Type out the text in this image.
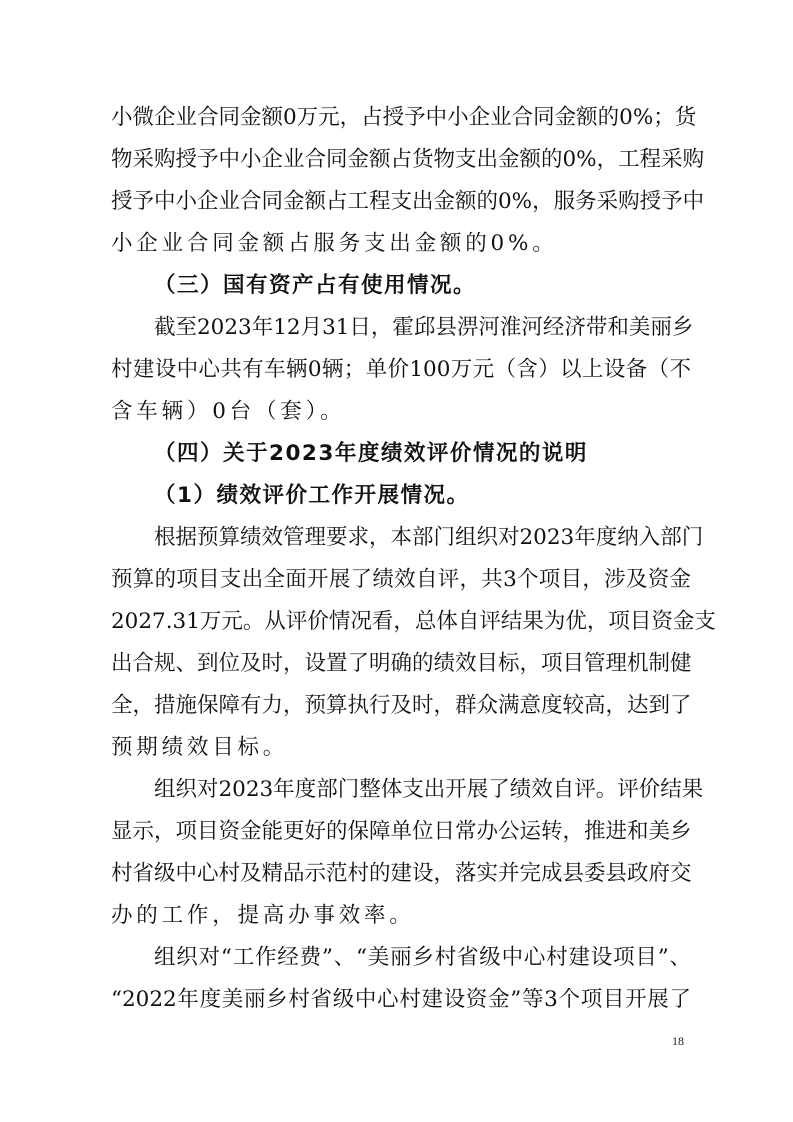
小微企业合同金额0万元，占授予中小企业合同金额的0%；货
物采购授予中小企业合同金额占货物支出金额的0%，工程采购
授予中小企业合同金额占工程支出金额的0%，服务采购授予中
小企业合同金额占服务支出金额的0%。
（三）国有资产占有使用情况。
截至2023年12月31日，霍邱县淠河淮河经济带和美丽乡
村建设中心共有车辆0辆；单价100万元（含）以上设备（不
含车辆）0台（套）。
（四）关于2023年度绩效评价情况的说明
（1）绩效评价工作开展情况。
根据预算绩效管理要求，本部门组织对2023年度纳入部门
预算的项目支出全面开展了绩效自评，共3个项目，涉及资金
2027.31万元。从评价情况看，总体自评结果为优，项目资金支
出合规、到位及时，设置了明确的绩效目标，项目管理机制健
全，措施保障有力，预算执行及时，群众满意度较高，达到了
预期绩效目标。
组织对2023年度部门整体支出开展了绩效自评。评价结果
显示，项目资金能更好的保障单位日常办公运转，推进和美乡
村省级中心村及精品示范村的建设，落实并完成县委县政府交
办的工作，提高办事效率。
组织对“工作经费”、“美丽乡村省级中心村建设项目”、
“2022年度美丽乡村省级中心村建设资金”等3个项目开展了
18
